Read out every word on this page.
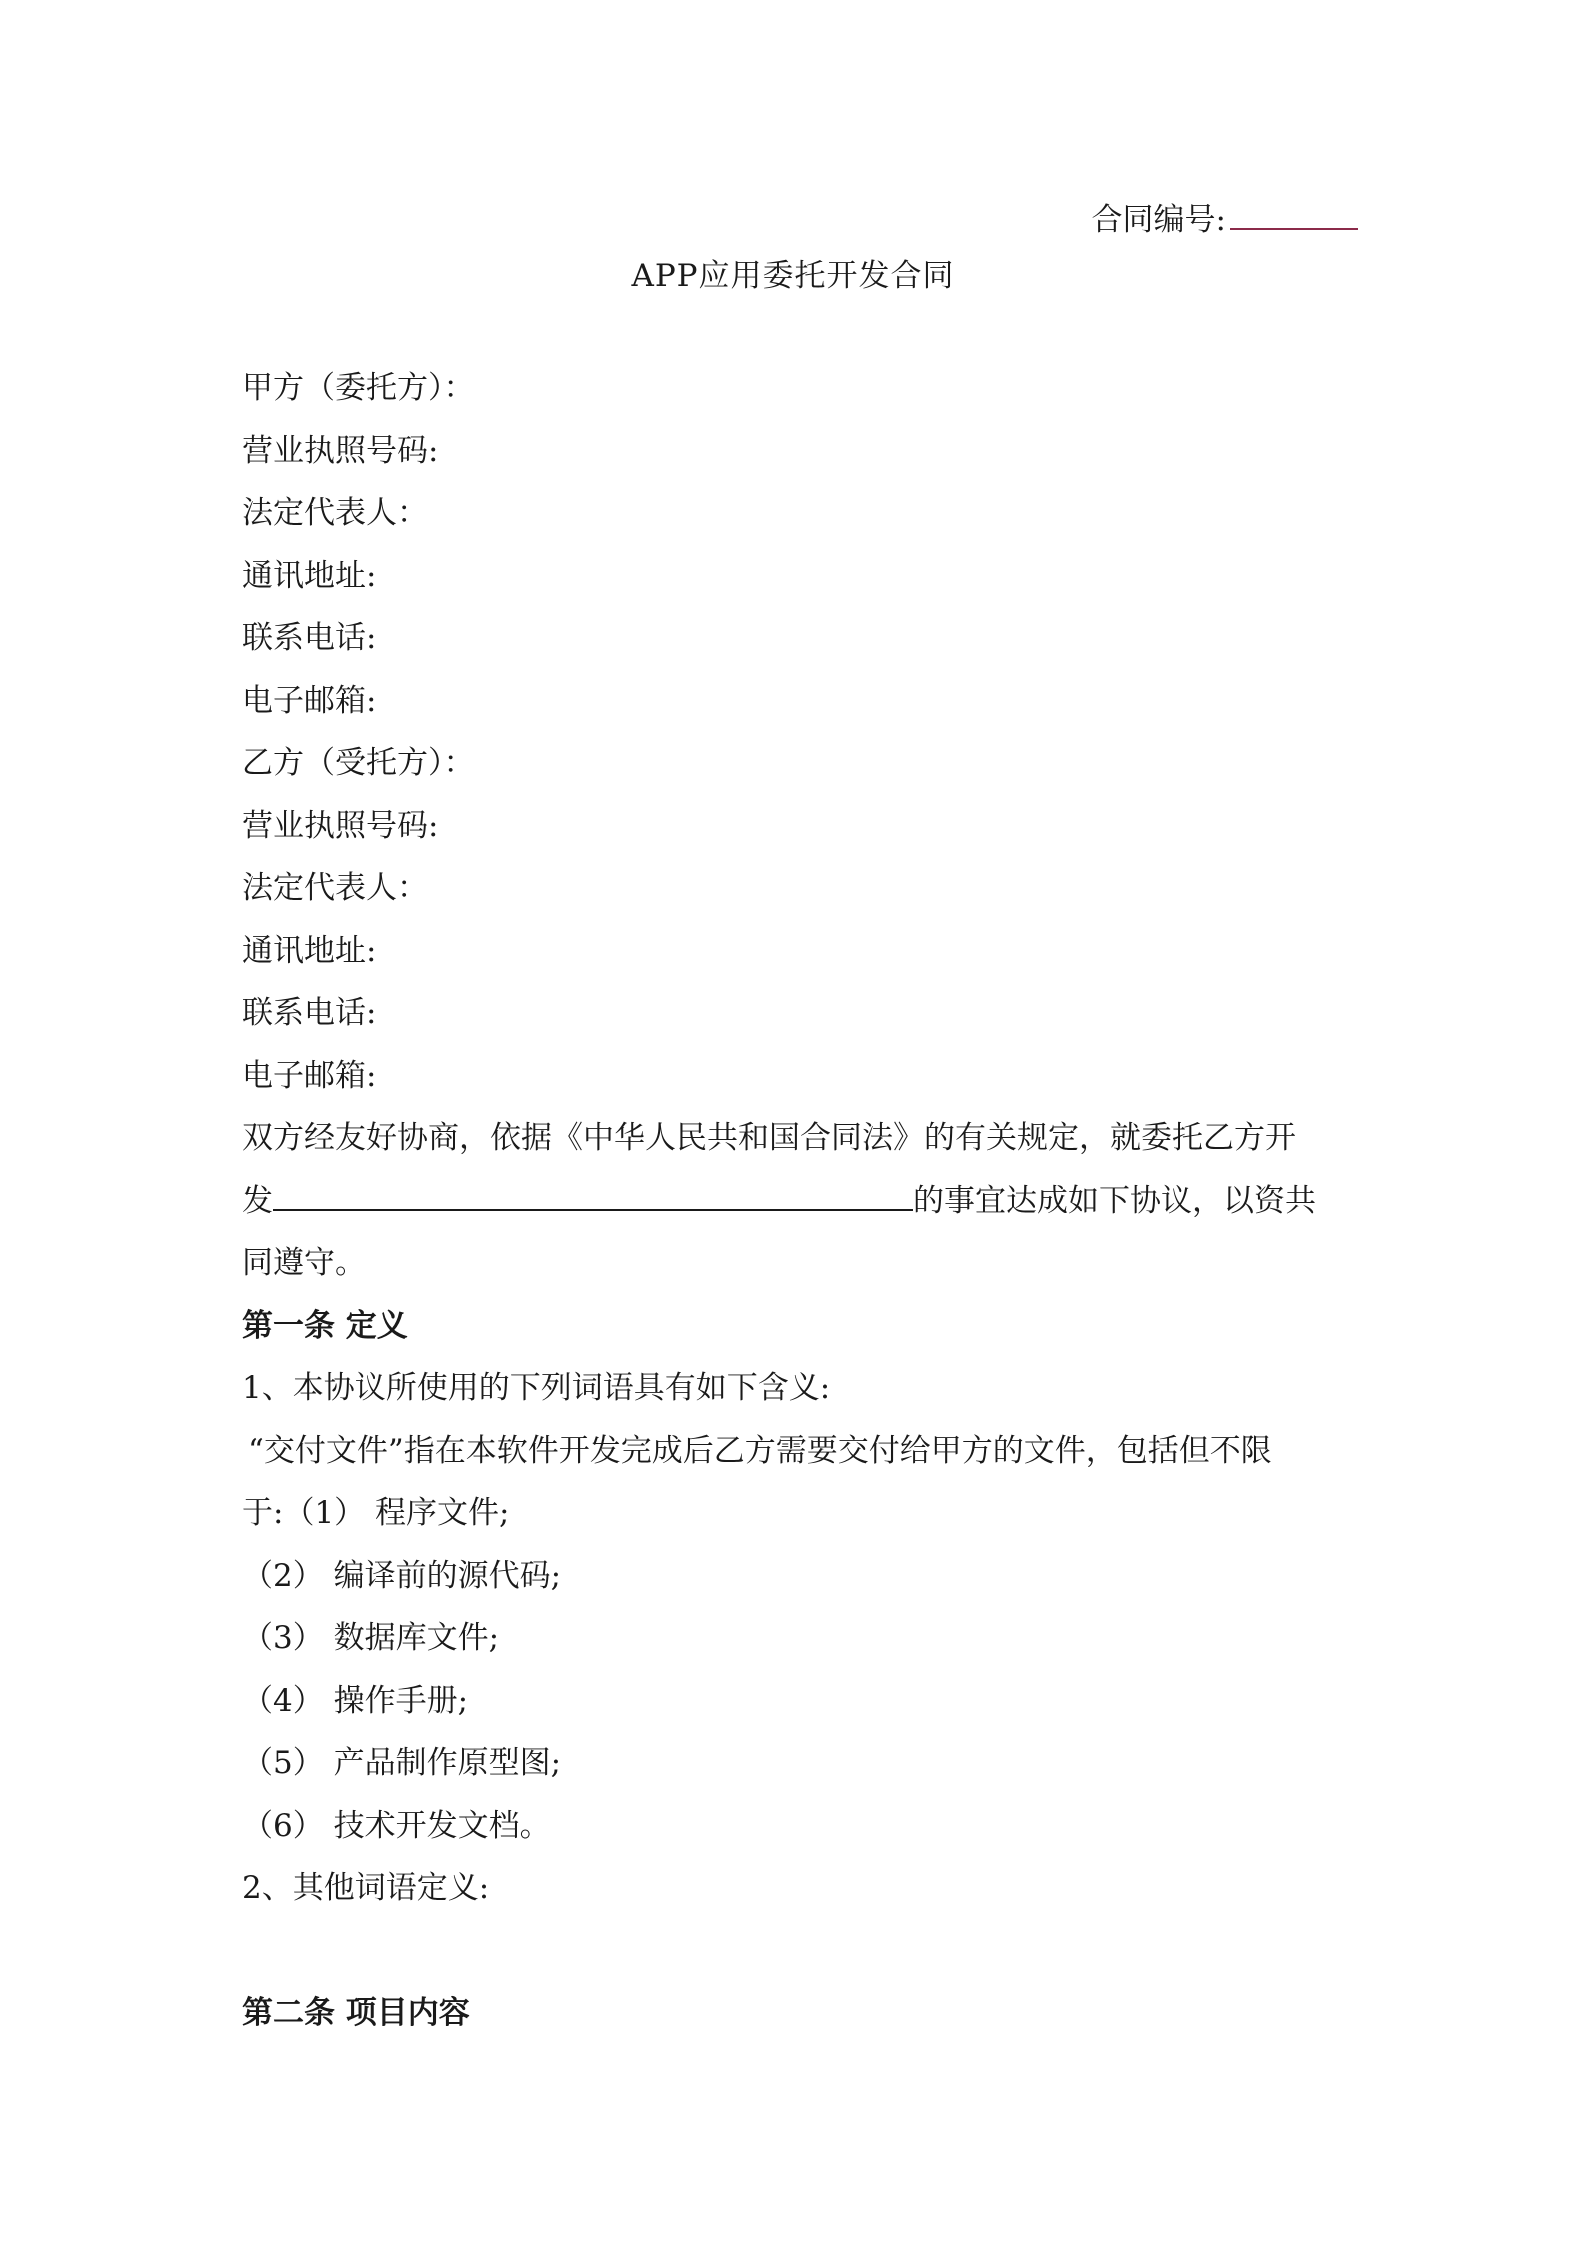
合同编号:
APP应用委托开发合同
甲方（委托方）：
营业执照号码:
法定代表人：
通讯地址:
联系电话:
电子邮箱:
乙方（受托方）：
营业执照号码:
法定代表人：
通讯地址:
联系电话:
电子邮箱:
双方经友好协商，依据《中华人民共和国合同法》的有关规定，就委托乙方开
发	的事宜达成如下协议，以资共
同遵守。
第一条 定义
1、本协议所使用的下列词语具有如下含义:
“交付文件”指在本软件开发完成后乙方需要交付给甲方的文件，包括但不限
于:（1） 程序文件;
（2） 编译前的源代码;
（3） 数据库文件;
（4） 操作手册;
（5） 产品制作原型图;
（6） 技术开发文档。
2、其他词语定义:
第二条 项目内容
